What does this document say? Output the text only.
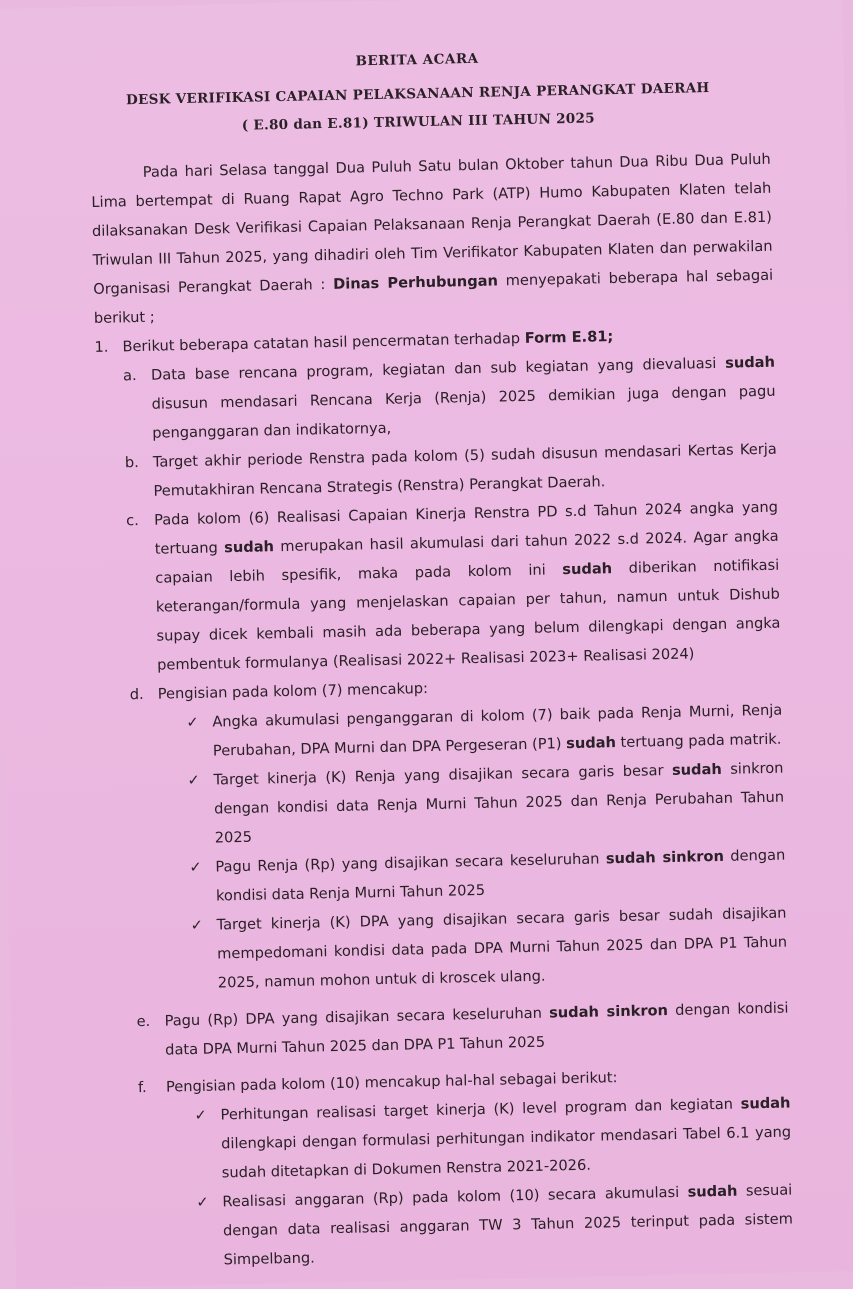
BERITA ACARA
DESK VERIFIKASI CAPAIAN PELAKSANAAN RENJA PERANGKAT DAERAH
( E.80 dan E.81) TRIWULAN III TAHUN 2025

Pada hari Selasa tanggal Dua Puluh Satu bulan Oktober tahun Dua Ribu Dua Puluh Lima bertempat di Ruang Rapat Agro Techno Park (ATP) Humo Kabupaten Klaten telah dilaksanakan Desk Verifikasi Capaian Pelaksanaan Renja Perangkat Daerah (E.80 dan E.81) Triwulan III Tahun 2025, yang dihadiri oleh Tim Verifikator Kabupaten Klaten dan perwakilan Organisasi Perangkat Daerah : Dinas Perhubungan menyepakati beberapa hal sebagai berikut ;

1. Berikut beberapa catatan hasil pencermatan terhadap Form E.81;
a. Data base rencana program, kegiatan dan sub kegiatan yang dievaluasi sudah disusun mendasari Rencana Kerja (Renja) 2025 demikian juga dengan pagu penganggaran dan indikatornya,
b. Target akhir periode Renstra pada kolom (5) sudah disusun mendasari Kertas Kerja Pemutakhiran Rencana Strategis (Renstra) Perangkat Daerah.
c.	Pada kolom (6) Realisasi Capaian Kinerja Renstra PD s.d Tahun 2024 angka yang tertuang sudah merupakan hasil akumulasi dari tahun 2022 s.d 2024. Agar angka capaian lebih spesifik, maka pada kolom ini sudah diberikan notifikasi keterangan/formula yang menjelaskan capaian per tahun, namun untuk Dishub supay dicek kembali masih ada beberapa yang belum dilengkapi dengan angka pembentuk formulanya (Realisasi 2022+ Realisasi 2023+ Realisasi 2024)
d. Pengisian pada kolom (7) mencakup:
✓ Angka akumulasi penganggaran di kolom (7) baik pada Renja Murni, Renja Perubahan, DPA Murni dan DPA Pergeseran (P1) sudah tertuang pada matrik.
✓ Target kinerja (K) Renja yang disajikan secara garis besar sudah sinkron dengan kondisi data Renja Murni Tahun 2025 dan Renja Perubahan Tahun 2025
✓ Pagu Renja (Rp) yang disajikan secara keseluruhan sudah sinkron dengan kondisi data Renja Murni Tahun 2025
✓ Target kinerja (K) DPA yang disajikan secara garis besar sudah disajikan mempedomani kondisi data pada DPA Murni Tahun 2025 dan DPA P1 Tahun 2025, namun mohon untuk di kroscek ulang.
e. Pagu (Rp) DPA yang disajikan secara keseluruhan sudah sinkron dengan kondisi data DPA Murni Tahun 2025 dan DPA P1 Tahun 2025
f.	Pengisian pada kolom (10) mencakup hal-hal sebagai berikut:
✓ Perhitungan realisasi target kinerja (K) level program dan kegiatan sudah dilengkapi dengan formulasi perhitungan indikator mendasari Tabel 6.1 yang sudah ditetapkan di Dokumen Renstra 2021-2026.
✓ Realisasi anggaran (Rp) pada kolom (10) secara akumulasi sudah sesuai dengan data realisasi anggaran TW 3 Tahun 2025 terinput pada sistem Simpelbang.
